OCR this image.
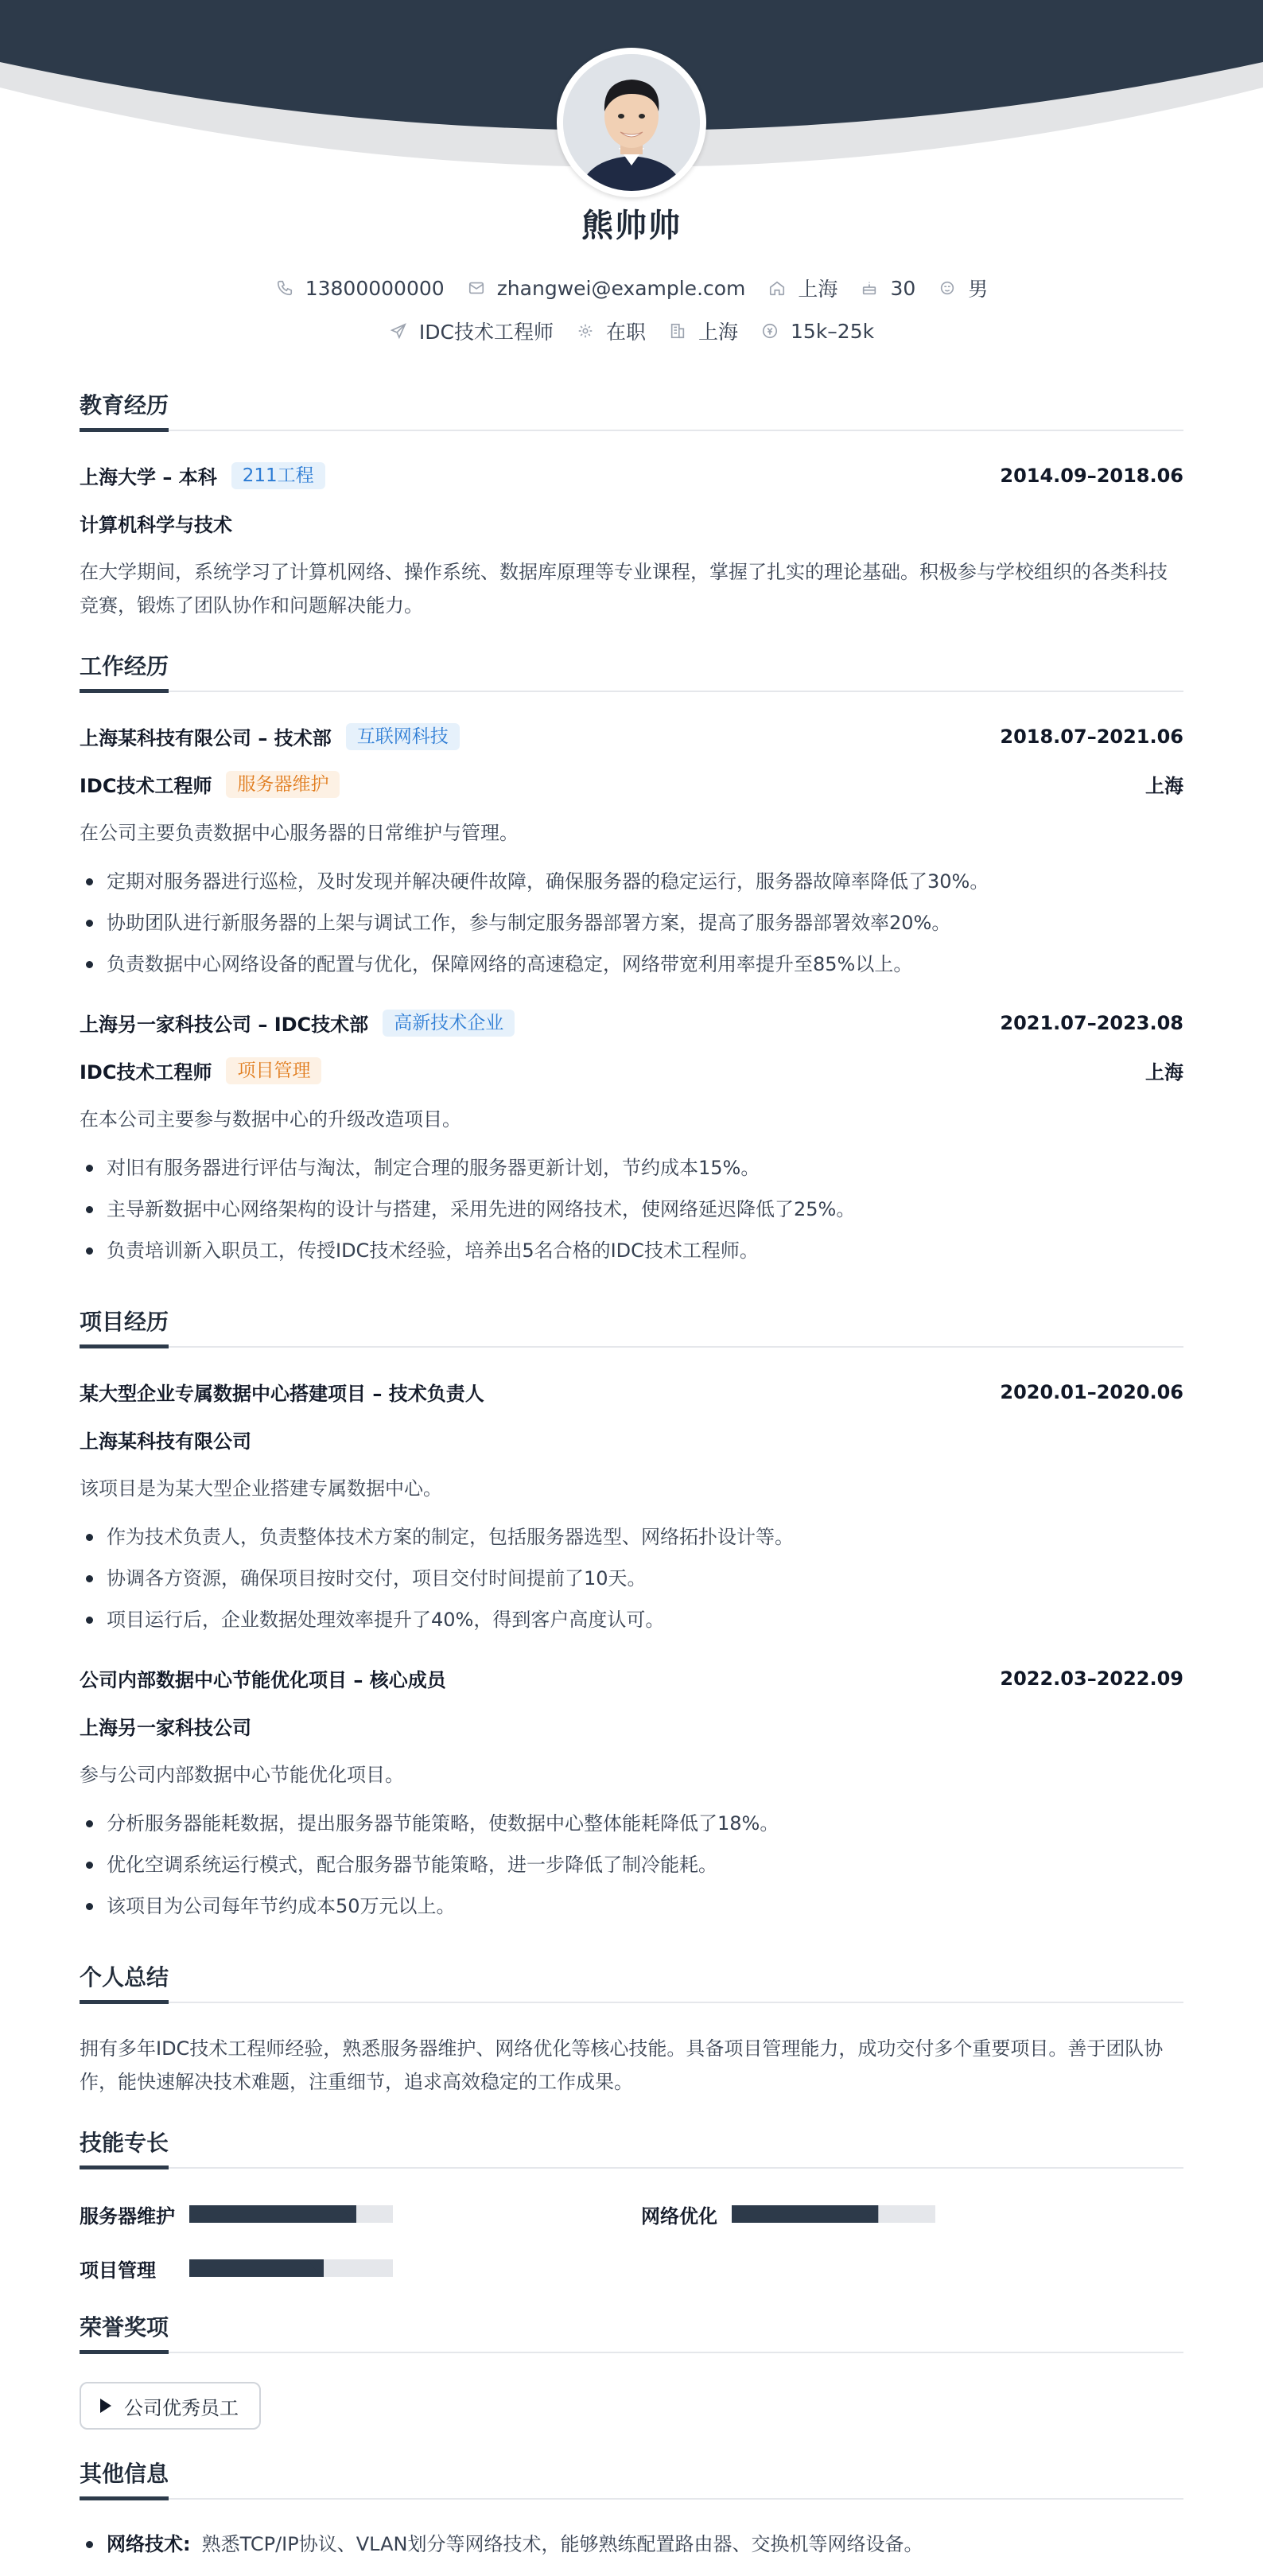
熊帅帅
13800000000	zhangwei@example.com	上海	30	男
IDC技术工程师	在职	上海	15k–25k
教育经历
上海大学 – 本科	211工程	2014.09–2018.06
计算机科学与技术
在大学期间，系统学习了计算机网络、操作系统、数据库原理等专业课程，掌握了扎实的理论基础。积极参与学校组织的各类科技竞赛，锻炼了团队协作和问题解决能力。
工作经历
上海某科技有限公司 – 技术部	互联网科技	2018.07–2021.06
IDC技术工程师	服务器维护	上海
在公司主要负责数据中心服务器的日常维护与管理。
定期对服务器进行巡检，及时发现并解决硬件故障，确保服务器的稳定运行，服务器故障率降低了30%。
协助团队进行新服务器的上架与调试工作，参与制定服务器部署方案，提高了服务器部署效率20%。
负责数据中心网络设备的配置与优化，保障网络的高速稳定，网络带宽利用率提升至85%以上。
上海另一家科技公司 – IDC技术部	高新技术企业	2021.07–2023.08
IDC技术工程师	项目管理	上海
在本公司主要参与数据中心的升级改造项目。
对旧有服务器进行评估与淘汰，制定合理的服务器更新计划，节约成本15%。
主导新数据中心网络架构的设计与搭建，采用先进的网络技术，使网络延迟降低了25%。
负责培训新入职员工，传授IDC技术经验，培养出5名合格的IDC技术工程师。
项目经历
某大型企业专属数据中心搭建项目 – 技术负责人	2020.01–2020.06
上海某科技有限公司
该项目是为某大型企业搭建专属数据中心。
作为技术负责人，负责整体技术方案的制定，包括服务器选型、网络拓扑设计等。
协调各方资源，确保项目按时交付，项目交付时间提前了10天。
项目运行后，企业数据处理效率提升了40%，得到客户高度认可。
公司内部数据中心节能优化项目 – 核心成员	2022.03–2022.09
上海另一家科技公司
参与公司内部数据中心节能优化项目。
分析服务器能耗数据，提出服务器节能策略，使数据中心整体能耗降低了18%。
优化空调系统运行模式，配合服务器节能策略，进一步降低了制冷能耗。
该项目为公司每年节约成本50万元以上。
个人总结
拥有多年IDC技术工程师经验，熟悉服务器维护、网络优化等核心技能。具备项目管理能力，成功交付多个重要项目。善于团队协作，能快速解决技术难题，注重细节，追求高效稳定的工作成果。
技能专长
服务器维护	网络优化
项目管理
荣誉奖项
公司优秀员工
其他信息
网络技术: 熟悉TCP/IP协议、VLAN划分等网络技术，能够熟练配置路由器、交换机等网络设备。
